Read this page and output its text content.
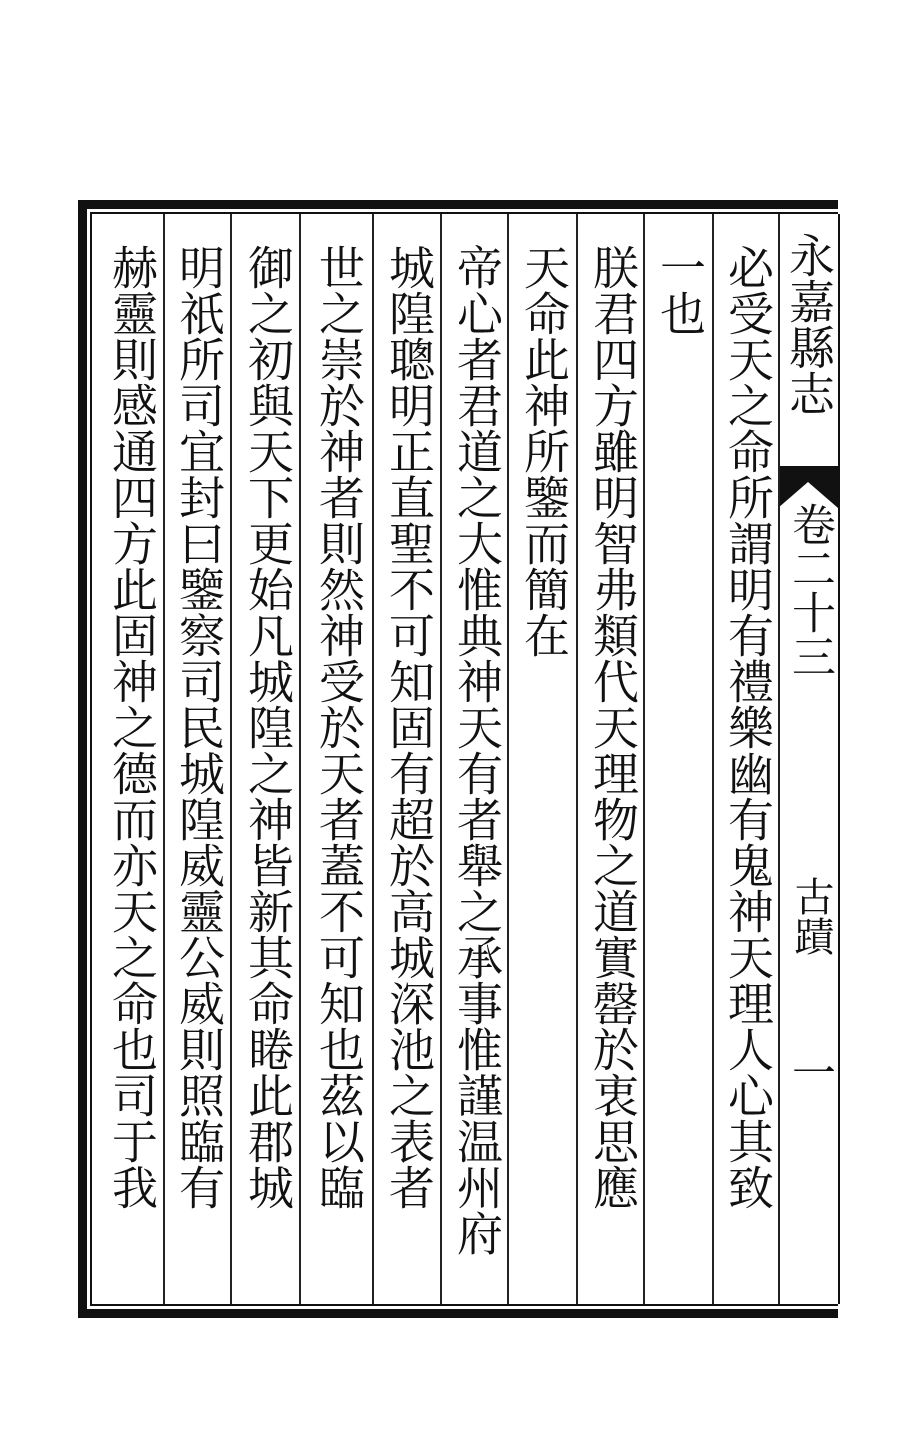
永嘉縣志
卷二十三
古蹟
一
必受天之命所謂明有禮樂幽有鬼神天理人心其致
一也
朕君四方雖明智弗類代天理物之道實罄於衷思應
天命此神所鑒而簡在
帝心者君道之大惟典神天有者舉之承事惟謹温州府
城隍聰明正直聖不可知固有超於高城深池之表者
世之崇於神者則然神受於天者蓋不可知也茲以臨
御之初與天下更始凡城隍之神皆新其命睠此郡城
明祇所司宜封曰鑒察司民城隍威靈公威則照臨有
赫靈則感通四方此固神之德而亦天之命也司于我
